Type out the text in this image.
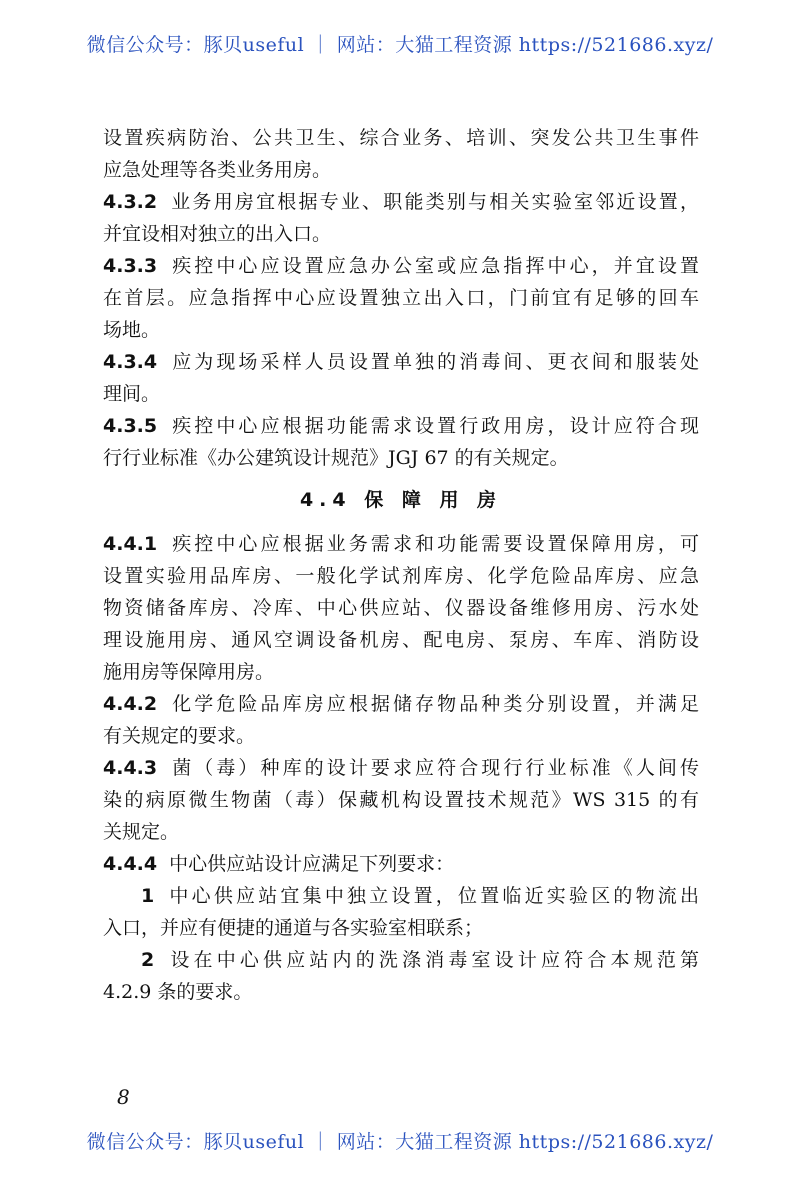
微信公众号：豚贝useful ｜ 网站：大猫工程资源 https://521686.xyz/
设置疾病防治、公共卫生、综合业务、培训、突发公共卫生事件
应急处理等各类业务用房。
4.3.2 业务用房宜根据专业、职能类别与相关实验室邻近设置，
并宜设相对独立的出入口。
4.3.3 疾控中心应设置应急办公室或应急指挥中心，并宜设置
在首层。应急指挥中心应设置独立出入口，门前宜有足够的回车
场地。
4.3.4 应为现场采样人员设置单独的消毒间、更衣间和服装处
理间。
4.3.5 疾控中心应根据功能需求设置行政用房，设计应符合现
行行业标准《办公建筑设计规范》JGJ 67 的有关规定。
4.4 保 障 用 房
4.4.1 疾控中心应根据业务需求和功能需要设置保障用房，可
设置实验用品库房、一般化学试剂库房、化学危险品库房、应急
物资储备库房、冷库、中心供应站、仪器设备维修用房、污水处
理设施用房、通风空调设备机房、配电房、泵房、车库、消防设
施用房等保障用房。
4.4.2 化学危险品库房应根据储存物品种类分别设置，并满足
有关规定的要求。
4.4.3 菌（毒）种库的设计要求应符合现行行业标准《人间传
染的病原微生物菌（毒）保藏机构设置技术规范》WS 315 的有
关规定。
4.4.4 中心供应站设计应满足下列要求：
1 中心供应站宜集中独立设置，位置临近实验区的物流出
入口，并应有便捷的通道与各实验室相联系；
2 设在中心供应站内的洗涤消毒室设计应符合本规范第
4.2.9 条的要求。
8
微信公众号：豚贝useful ｜ 网站：大猫工程资源 https://521686.xyz/
